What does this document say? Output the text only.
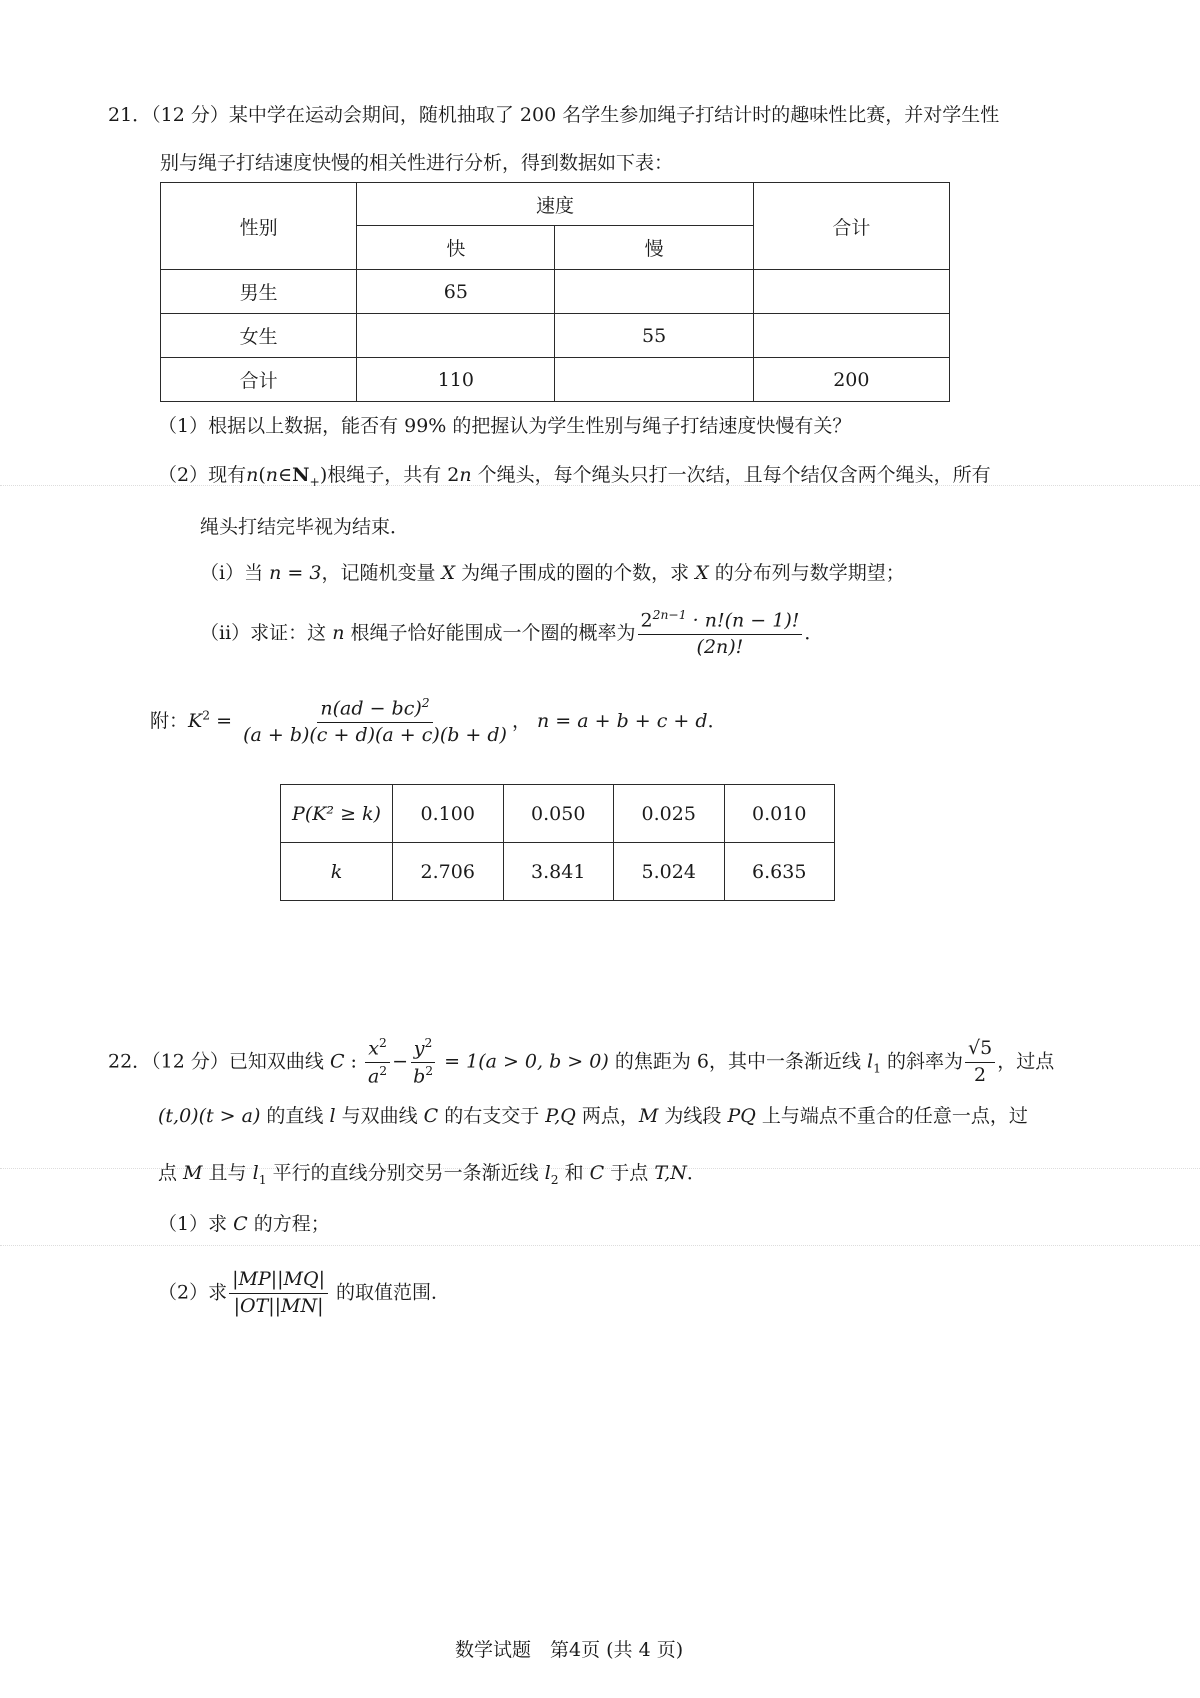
21．（12 分）某中学在运动会期间，随机抽取了 200 名学生参加绳子打结计时的趣味性比赛，并对学生性
别与绳子打结速度快慢的相关性进行分析，得到数据如下表：
性别	速度		合计
	快	慢	
男生	65		
女生		55	
合计	110		200
（1）根据以上数据，能否有 99% 的把握认为学生性别与绳子打结速度快慢有关？
（2）现有$n(n\in N_+)$根绳子，共有 2n 个绳头，每个绳头只打一次结，且每个结仅含两个绳头，所有
绳头打结完毕视为结束．
（i）当 n = 3，记随机变量 X 为绳子围成的圈的个数，求 X 的分布列与数学期望；
（ii）求证：这 n 根绳子恰好能围成一个圈的概率为 $\frac{2^{2n-1} \cdot n!(n - 1)!}{(2n)!}$ ．
附：$K^2 = \frac{n(ad - bc)^2}{(a + b)(c + d)(a + c)(b + d)}$ ， n = a + b + c + d．
P(K² ≥ k)	0.100	0.050	0.025	0.010
k	2.706	3.841	5.024	6.635
22．（12 分）已知双曲线 C : $\frac{x^2}{a^2} - \frac{y^2}{b^2} = 1(a > 0$, b > 0) 的焦距为 6，其中一条渐近线 $l_1$ 的斜率为 $\frac{√5}{2}$ ，过点
(t,0)(t > a) 的直线 l 与双曲线 C 的右支交于 P,Q 两点，M 为线段 PQ 上与端点不重合的任意一点，过
点 M 且与 $l_1$ 平行的直线分别交另一条渐近线 $l_2$ 和 C 于点 T,N．
（1）求 C 的方程；
（2）求 $\frac{|MP||MQ|}{|OT||MN|}$ 的取值范围．
数学试题　第4页 (共 4 页)
